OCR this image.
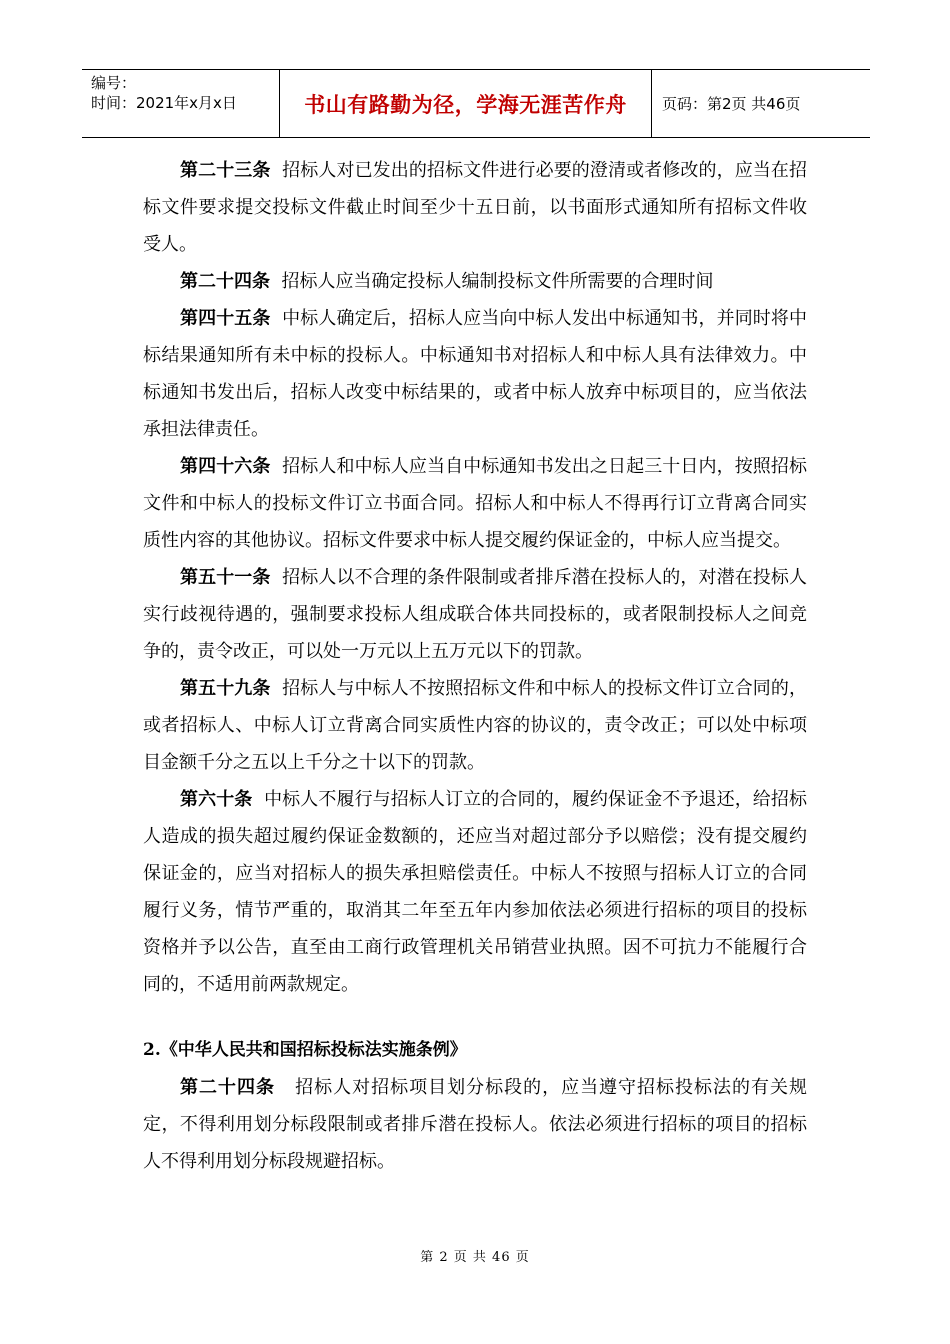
编号：
时间：2021年x月x日	书山有路勤为径，学海无涯苦作舟	页码：第2页 共46页

第二十三条 招标人对已发出的招标文件进行必要的澄清或者修改的，应当在招标文件要求提交投标文件截止时间至少十五日前，以书面形式通知所有招标文件收受人。

第二十四条 招标人应当确定投标人编制投标文件所需要的合理时间

第四十五条 中标人确定后，招标人应当向中标人发出中标通知书，并同时将中标结果通知所有未中标的投标人。中标通知书对招标人和中标人具有法律效力。中标通知书发出后，招标人改变中标结果的，或者中标人放弃中标项目的，应当依法承担法律责任。

第四十六条 招标人和中标人应当自中标通知书发出之日起三十日内，按照招标文件和中标人的投标文件订立书面合同。招标人和中标人不得再行订立背离合同实质性内容的其他协议。招标文件要求中标人提交履约保证金的，中标人应当提交。

第五十一条 招标人以不合理的条件限制或者排斥潜在投标人的，对潜在投标人实行歧视待遇的，强制要求投标人组成联合体共同投标的，或者限制投标人之间竞争的，责令改正，可以处一万元以上五万元以下的罚款。

第五十九条 招标人与中标人不按照招标文件和中标人的投标文件订立合同的，或者招标人、中标人订立背离合同实质性内容的协议的，责令改正；可以处中标项目金额千分之五以上千分之十以下的罚款。

第六十条 中标人不履行与招标人订立的合同的，履约保证金不予退还，给招标人造成的损失超过履约保证金数额的，还应当对超过部分予以赔偿；没有提交履约保证金的，应当对招标人的损失承担赔偿责任。中标人不按照与招标人订立的合同履行义务，情节严重的，取消其二年至五年内参加依法必须进行招标的项目的投标资格并予以公告，直至由工商行政管理机关吊销营业执照。因不可抗力不能履行合同的，不适用前两款规定。

2.《中华人民共和国招标投标法实施条例》

第二十四条 招标人对招标项目划分标段的，应当遵守招标投标法的有关规定，不得利用划分标段限制或者排斥潜在投标人。依法必须进行招标的项目的招标人不得利用划分标段规避招标。

第 2 页 共 46 页
